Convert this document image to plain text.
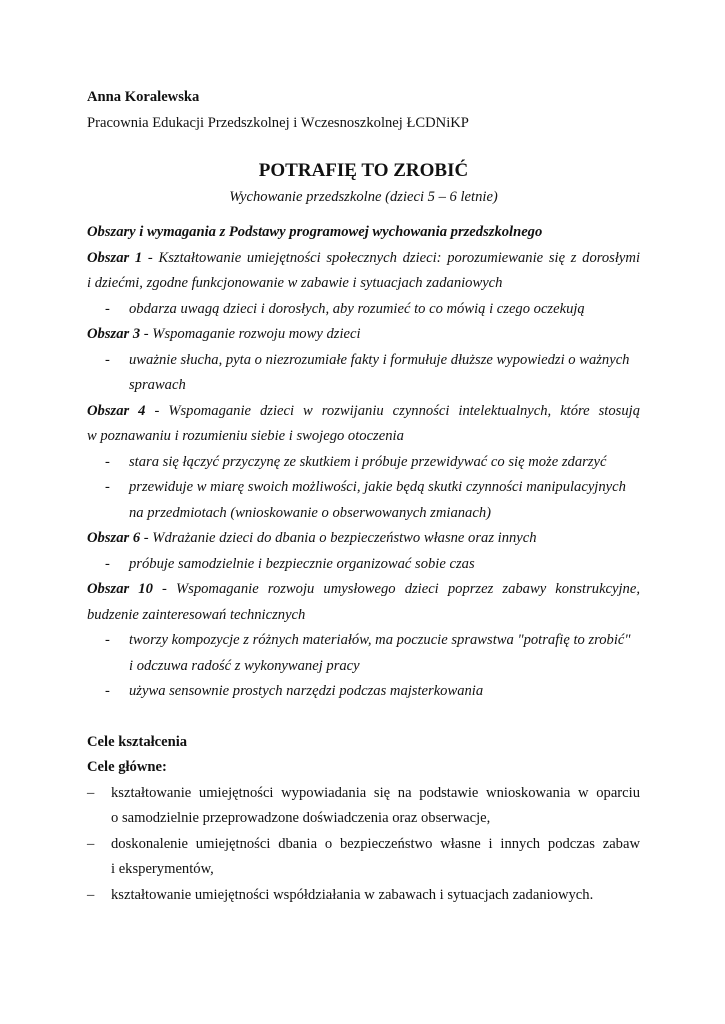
Anna Koralewska
Pracownia Edukacji Przedszkolnej i Wczesnoszkolnej ŁCDNiKP
POTRAFIĘ TO ZROBIĆ
Wychowanie przedszkolne (dzieci 5 – 6 letnie)
Obszary i wymagania z Podstawy programowej wychowania przedszkolnego
Obszar 1 - Kształtowanie umiejętności społecznych dzieci: porozumiewanie się z dorosłymi
i dziećmi, zgodne funkcjonowanie w zabawie i sytuacjach zadaniowych
- obdarza uwagą dzieci i dorosłych, aby rozumieć to co mówią i czego oczekują
Obszar 3 - Wspomaganie rozwoju mowy dzieci
- uważnie słucha, pyta o niezrozumiałe fakty i formułuje dłuższe wypowiedzi o ważnych
sprawach
Obszar 4 - Wspomaganie dzieci w rozwijaniu czynności intelektualnych, które stosują
w poznawaniu i rozumieniu siebie i swojego otoczenia
- stara się łączyć przyczynę ze skutkiem i próbuje przewidywać co się może zdarzyć
- przewiduje w miarę swoich możliwości, jakie będą skutki czynności manipulacyjnych
na przedmiotach (wnioskowanie o obserwowanych zmianach)
Obszar 6 - Wdrażanie dzieci do dbania o bezpieczeństwo własne oraz innych
- próbuje samodzielnie i bezpiecznie organizować sobie czas
Obszar 10 - Wspomaganie rozwoju umysłowego dzieci poprzez zabawy konstrukcyjne,
budzenie zainteresowań technicznych
- tworzy kompozycje z różnych materiałów, ma poczucie sprawstwa "potrafię to zrobić"
i odczuwa radość z wykonywanej pracy
- używa sensownie prostych narzędzi podczas majsterkowania
Cele kształcenia
Cele główne:
– kształtowanie umiejętności wypowiadania się na podstawie wnioskowania w oparciu
o samodzielnie przeprowadzone doświadczenia oraz obserwacje,
– doskonalenie umiejętności dbania o bezpieczeństwo własne i innych podczas zabaw
i eksperymentów,
– kształtowanie umiejętności współdziałania w zabawach i sytuacjach zadaniowych.
